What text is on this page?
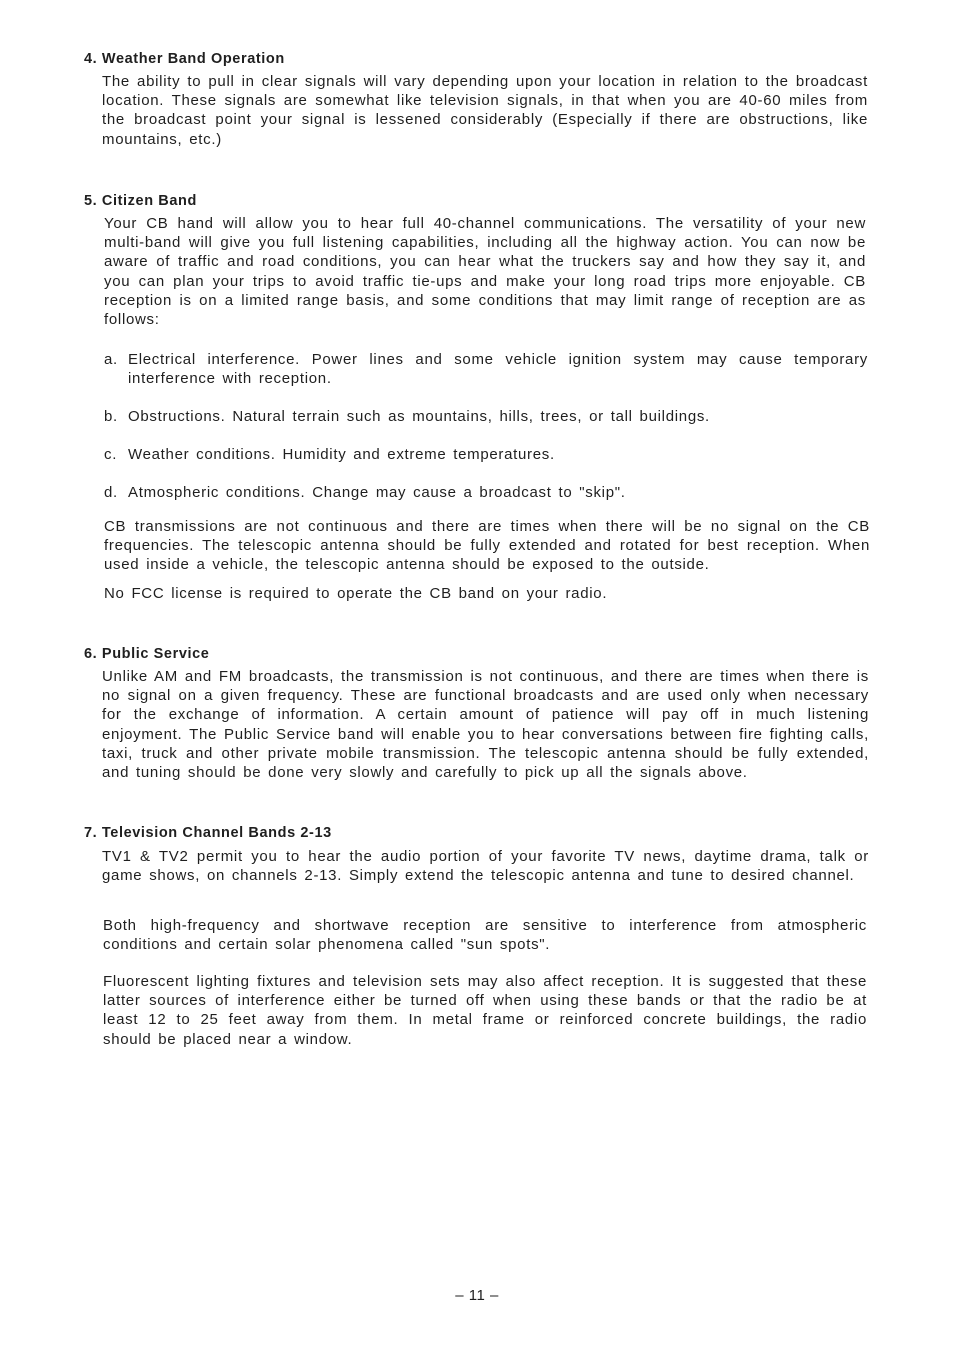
4. Weather Band Operation

The ability to pull in clear signals will vary depending upon your location in relation to the broadcast location. These signals are somewhat like television signals, in that when you are 40-60 miles from the broadcast point your signal is lessened considerably (Especially if there are obstructions, like mountains, etc.)

5. Citizen Band

Your CB hand will allow you to hear full 40-channel communications. The versatility of your new multi-band will give you full listening capabilities, including all the highway action. You can now be aware of traffic and road conditions, you can hear what the truckers say and how they say it, and you can plan your trips to avoid traffic tie-ups and make your long road trips more enjoyable. CB reception is on a limited range basis, and some conditions that may limit range of reception are as follows:

a. Electrical interference. Power lines and some vehicle ignition system may cause temporary interference with reception.
b. Obstructions. Natural terrain such as mountains, hills, trees, or tall buildings.
c. Weather conditions. Humidity and extreme temperatures.
d. Atmospheric conditions. Change may cause a broadcast to "skip".

CB transmissions are not continuous and there are times when there will be no signal on the CB frequencies. The telescopic antenna should be fully extended and rotated for best reception. When used inside a vehicle, the telescopic antenna should be exposed to the outside.

No FCC license is required to operate the CB band on your radio.

6. Public Service

Unlike AM and FM broadcasts, the transmission is not continuous, and there are times when there is no signal on a given frequency. These are functional broadcasts and are used only when necessary for the exchange of information. A certain amount of patience will pay off in much listening enjoyment. The Public Service band will enable you to hear conversations between fire fighting calls, taxi, truck and other private mobile transmission. The telescopic antenna should be fully extended, and tuning should be done very slowly and carefully to pick up all the signals above.

7. Television Channel Bands 2-13

TV1 & TV2 permit you to hear the audio portion of your favorite TV news, daytime drama, talk or game shows, on channels 2-13. Simply extend the telescopic antenna and tune to desired channel.

Both high-frequency and shortwave reception are sensitive to interference from atmospheric conditions and certain solar phenomena called "sun spots".

Fluorescent lighting fixtures and television sets may also affect reception. It is suggested that these latter sources of interference either be turned off when using these bands or that the radio be at least 12 to 25 feet away from them. In metal frame or reinforced concrete buildings, the radio should be placed near a window.

– 11 –
